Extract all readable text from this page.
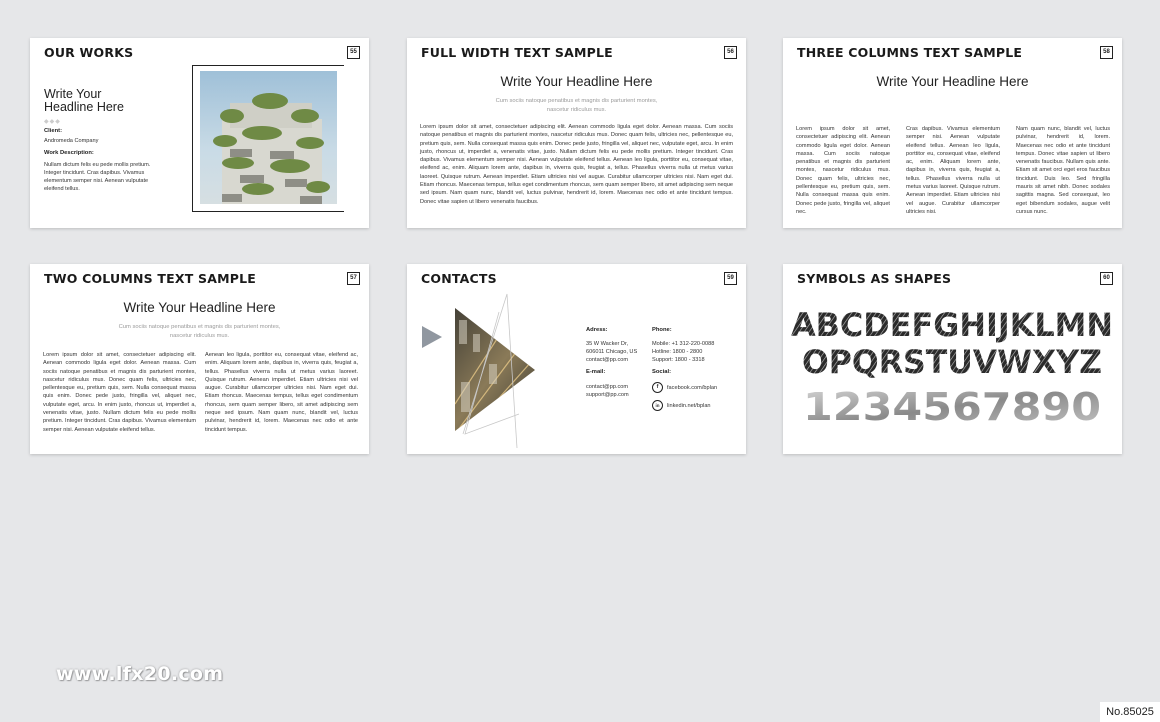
OUR WORKS	55
Write Your Headline Here
◆◆◆
Client:
Andromeda Company
Work Description:
Nullam dictum felis eu pede mollis pretium. Integer tincidunt. Cras dapibus. Vivamus elementum semper nisi. Aenean vulputate eleifend tellus.
FULL WIDTH TEXT SAMPLE	56
Write Your Headline Here
Cum sociis natoque penatibus et magnis dis parturient montes, nascetur ridiculus mus.
Lorem ipsum dolor sit amet, consectetuer adipiscing elit. Aenean commodo ligula eget dolor. Aenean massa. Cum sociis natoque penatibus et magnis dis parturient montes, nascetur ridiculus mus. Donec quam felis, ultricies nec, pellentesque eu, pretium quis, sem. Nulla consequat massa quis enim. Donec pede justo, fringilla vel, aliquet nec, vulputate eget, arcu. In enim justo, rhoncus ut, imperdiet a, venenatis vitae, justo. Nullam dictum felis eu pede mollis pretium. Integer tincidunt. Cras dapibus. Vivamus elementum semper nisi. Aenean vulputate eleifend tellus. Aenean leo ligula, porttitor eu, consequat vitae, eleifend ac, enim. Aliquam lorem ante, dapibus in, viverra quis, feugiat a, tellus. Phasellus viverra nulla ut metus varius laoreet. Quisque rutrum. Aenean imperdiet. Etiam ultricies nisi vel augue. Curabitur ullamcorper ultricies nisi. Nam eget dui. Etiam rhoncus. Maecenas tempus, tellus eget condimentum rhoncus, sem quam semper libero, sit amet adipiscing sem neque sed ipsum. Nam quam nunc, blandit vel, luctus pulvinar, hendrerit id, lorem. Maecenas nec odio et ante tincidunt tempus. Donec vitae sapien ut libero venenatis faucibus.
THREE COLUMNS TEXT SAMPLE	58
Write Your Headline Here
Lorem ipsum dolor sit amet, consectetuer adipiscing elit. Aenean commodo ligula eget dolor. Aenean massa. Cum sociis natoque penatibus et magnis dis parturient montes, nascetur ridiculus mus. Donec quam felis, ultricies nec, pellentesque eu, pretium quis, sem. Nulla consequat massa quis enim. Donec pede justo, fringilla vel, aliquet nec.
Cras dapibus. Vivamus elementum semper nisi. Aenean vulputate eleifend tellus. Aenean leo ligula, porttitor eu, consequat vitae, eleifend ac, enim. Aliquam lorem ante, dapibus in, viverra quis, feugiat a, tellus. Phasellus viverra nulla ut metus varius laoreet. Quisque rutrum. Aenean imperdiet. Etiam ultricies nisi vel augue. Curabitur ullamcorper ultricies nisi.
Nam quam nunc, blandit vel, luctus pulvinar, hendrerit id, lorem. Maecenas nec odio et ante tincidunt tempus. Donec vitae sapien ut libero venenatis faucibus. Nullam quis ante. Etiam sit amet orci eget eros faucibus tincidunt. Duis leo. Sed fringilla mauris sit amet nibh. Donec sodales sagittis magna. Sed consequat, leo eget bibendum sodales, augue velit cursus nunc.
TWO COLUMNS TEXT SAMPLE	57
Write Your Headline Here
Cum sociis natoque penatibus et magnis dis parturient montes, nascetur ridiculus mus.
Lorem ipsum dolor sit amet, consectetuer adipiscing elit. Aenean commodo ligula eget dolor. Aenean massa. Cum sociis natoque penatibus et magnis dis parturient montes, nascetur ridiculus mus. Donec quam felis, ultricies nec, pellentesque eu, pretium quis, sem. Nulla consequat massa quis enim. Donec pede justo, fringilla vel, aliquet nec, vulputate eget, arcu. In enim justo, rhoncus ut, imperdiet a, venenatis vitae, justo. Nullam dictum felis eu pede mollis pretium. Integer tincidunt. Cras dapibus. Vivamus elementum semper nisi. Aenean vulputate eleifend tellus.
Aenean leo ligula, porttitor eu, consequat vitae, eleifend ac, enim. Aliquam lorem ante, dapibus in, viverra quis, feugiat a, tellus. Phasellus viverra nulla ut metus varius laoreet. Quisque rutrum. Aenean imperdiet. Etiam ultricies nisi vel augue. Curabitur ullamcorper ultricies nisi. Nam eget dui. Etiam rhoncus. Maecenas tempus, tellus eget condimentum rhoncus, sem quam semper libero, sit amet adipiscing sem neque sed ipsum. Nam quam nunc, blandit vel, luctus pulvinar, hendrerit id, lorem. Maecenas nec odio et ante tincidunt tempus.
CONTACTS	59
Adress:
35 W Wacker Dr,
606011 Chicago, US
contact@pp.com
Phone:
Mobile: +1 312-220-0088
Hotline: 1800 - 2800
Support: 1800 - 3318
E-mail:
contact@pp.com
support@pp.com
Social:
f facebook.com/bplan
in linkedin.net/bplan
SYMBOLS AS SHAPES	60
ABCDEFGHIJKLMN
OPQRSTUVWXYZ
1234567890
www.lfx20.com
No.85025
